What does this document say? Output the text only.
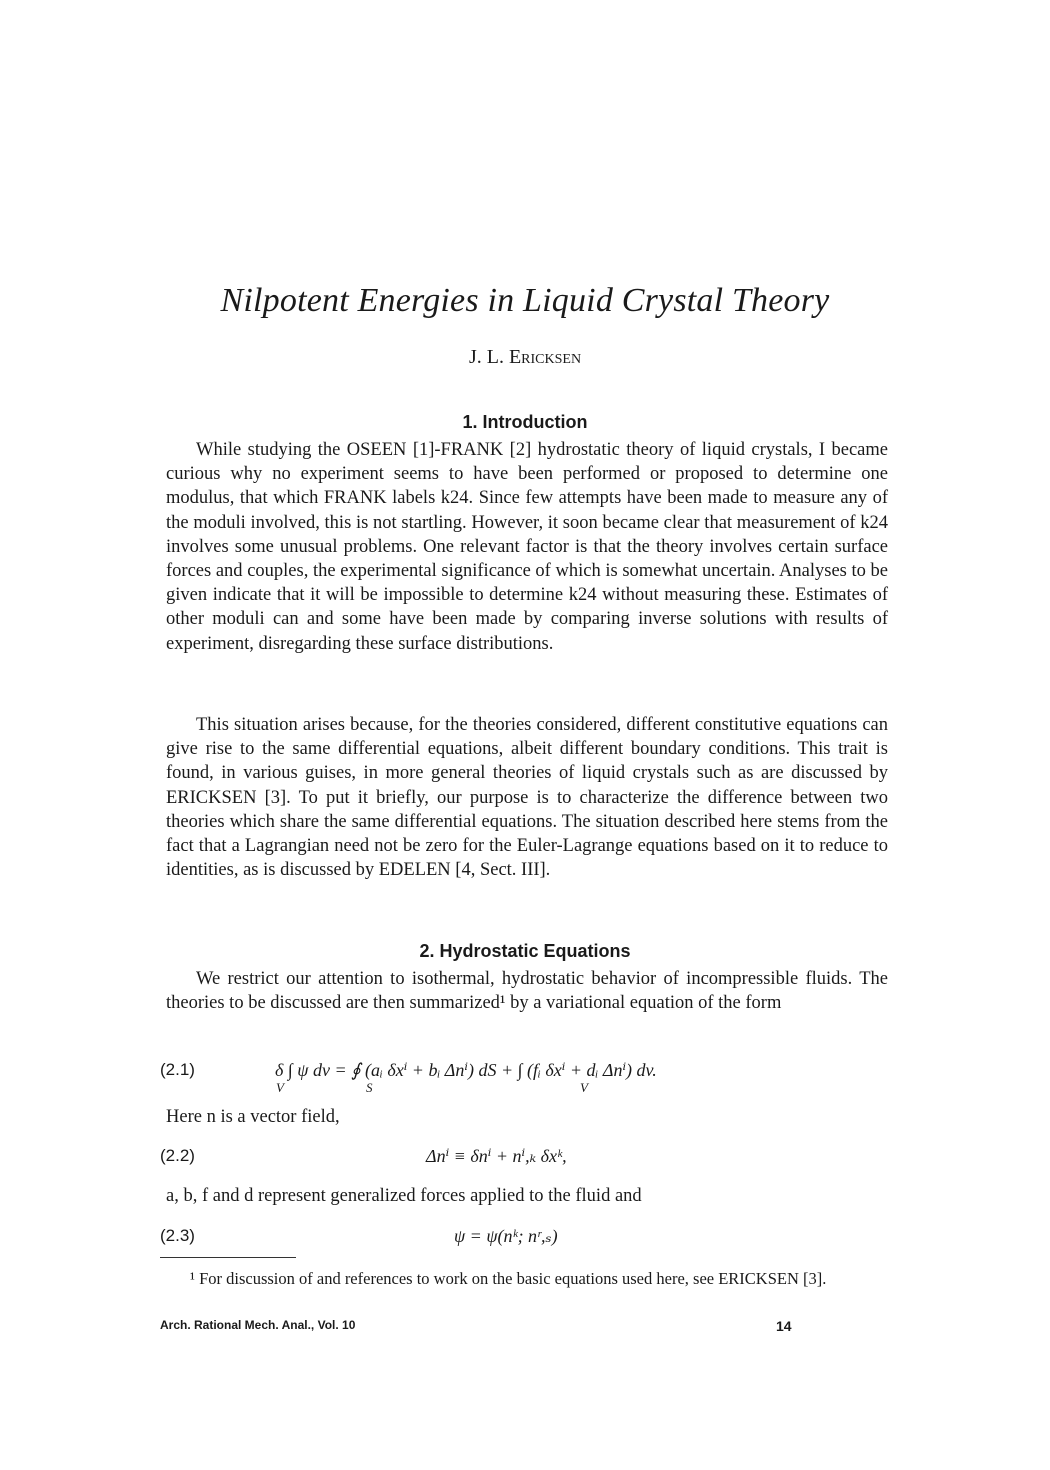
Nilpotent Energies in Liquid Crystal Theory
J. L. Ericksen
1. Introduction

While studying the OSEEN [1]-FRANK [2] hydrostatic theory of liquid crystals, I became curious why no experiment seems to have been performed or proposed to determine one modulus, that which FRANK labels k24. Since few attempts have been made to measure any of the moduli involved, this is not startling. However, it soon became clear that measurement of k24 involves some unusual problems. One relevant factor is that the theory involves certain surface forces and couples, the experimental significance of which is somewhat uncertain. Analyses to be given indicate that it will be impossible to determine k24 without measuring these. Estimates of other moduli can and some have been made by comparing inverse solutions with results of experiment, disregarding these surface distributions.

This situation arises because, for the theories considered, different constitutive equations can give rise to the same differential equations, albeit different boundary conditions. This trait is found, in various guises, in more general theories of liquid crystals such as are discussed by ERICKSEN [3]. To put it briefly, our purpose is to characterize the difference between two theories which share the same differential equations. The situation described here stems from the fact that a Lagrangian need not be zero for the Euler-Lagrange equations based on it to reduce to identities, as is discussed by EDELEN [4, Sect. III].

2. Hydrostatic Equations

We restrict our attention to isothermal, hydrostatic behavior of incompressible fluids. The theories to be discussed are then summarized¹ by a variational equation of the form

(2.1)	δ ∫ ψ dv = ∮ (aᵢ δxⁱ + bᵢ Δnⁱ) dS + ∫ (fᵢ δxⁱ + dᵢ Δnⁱ) dv.
V	S	V

Here n is a vector field,

(2.2)	Δnⁱ ≡ δnⁱ + nⁱ,ₖ δxᵏ,

a, b, f and d represent generalized forces applied to the fluid and

(2.3)	ψ = ψ(nᵏ; nʳ,ₛ)

¹ For discussion of and references to work on the basic equations used here, see ERICKSEN [3].

Arch. Rational Mech. Anal., Vol. 10	14
